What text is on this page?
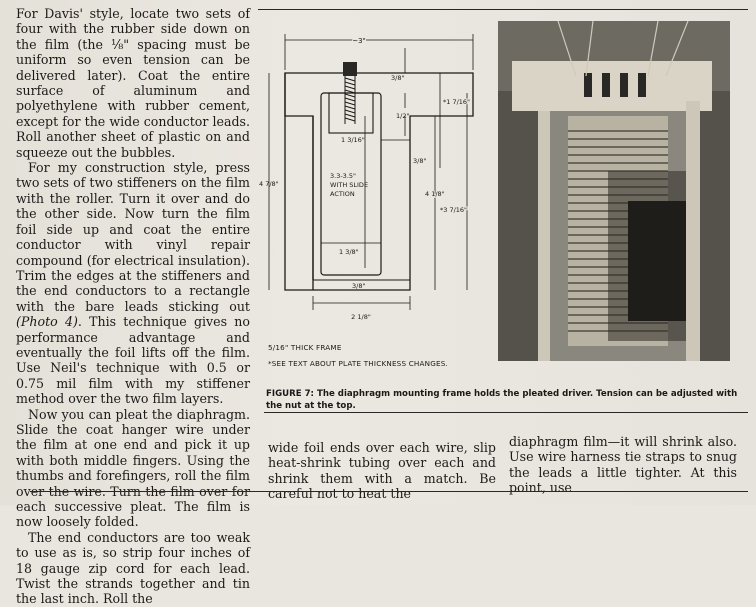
For Davis' style, locate two sets of four with the rubber side down on the film (the ⅛" spacing must be uniform so even tension can be delivered later). Coat the entire surface of aluminum and polyethylene with rubber cement, except for the wide conductor leads. Roll another sheet of plastic on and squeeze out the bubbles.

For my construction style, press two sets of two stiffeners on the film with the roller. Turn it over and do the other side. Now turn the film foil side up and coat the entire conductor with vinyl repair compound (for electrical insulation). Trim the edges at the stiffeners and the end conductors to a rectangle with the bare leads sticking out (Photo 4). This technique gives no performance advantage and eventually the foil lifts off the film. Use Neil's technique with 0.5 or 0.75 mil film with my stiffener method over the two film layers.

Now you can pleat the diaphragm. Slide the coat hanger wire under the film at one end and pick it up with both middle fingers. Using the thumbs and forefingers, roll the film over the wire. Turn the film over for each successive pleat. The film is now loosely folded.

The end conductors are too weak to use as is, so strip four inches of 18 gauge zip cord for each lead. Twist the strands together and tin the last inch. Roll the

~3"
3/8"
1/2"
1 3/16"
3/8"
3.3-3.5"
WITH SLIDE
ACTION
4 7/8"
4 1/8"
*1 7/16"
*3 7/16"
1 3/8"
3/8"
2 1/8"
5/16" THICK FRAME
*SEE TEXT ABOUT PLATE THICKNESS CHANGES.
FIGURE 7: The diaphragm mounting frame holds the pleated driver. Tension can be adjusted with the nut at the top.

wide foil ends over each wire, slip heat-shrink tubing over each and shrink them with a match. Be careful not to heat the

diaphragm film—it will shrink also. Use wire harness tie straps to snug the leads a little tighter. At this point, use
